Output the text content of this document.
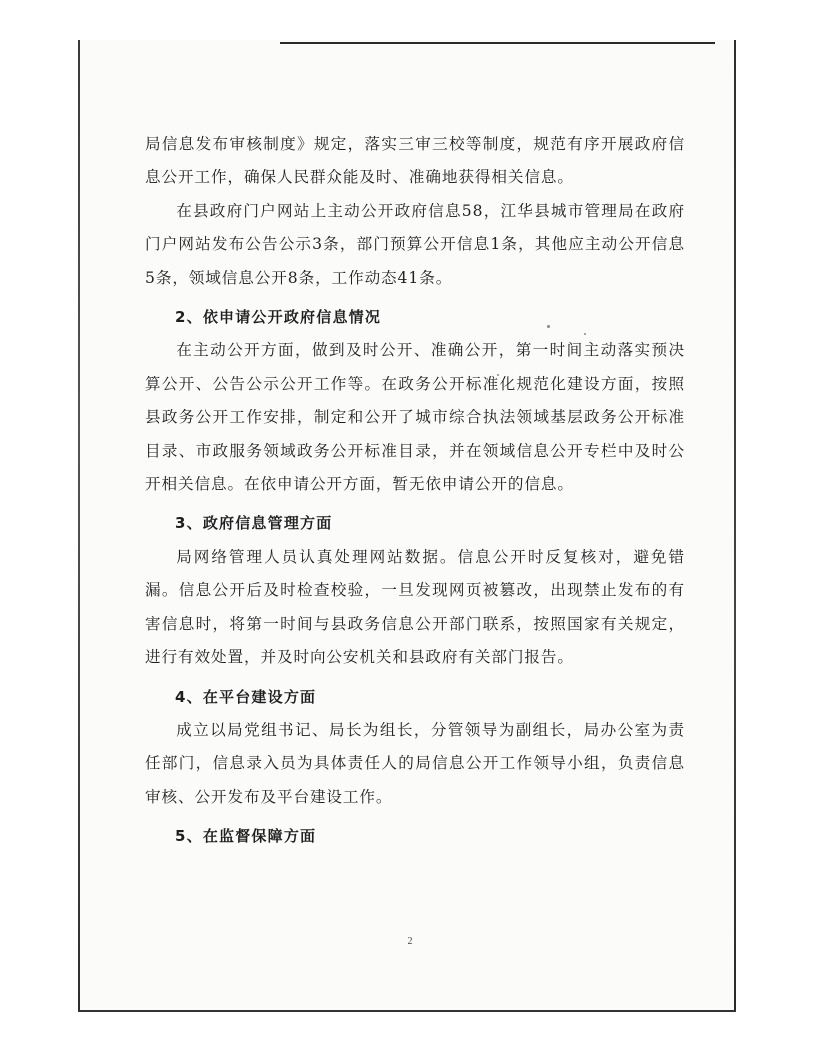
局信息发布审核制度》规定，落实三审三校等制度，规范有序开展政府信息公开工作，确保人民群众能及时、准确地获得相关信息。

在县政府门户网站上主动公开政府信息58，江华县城市管理局在政府门户网站发布公告公示3条，部门预算公开信息1条，其他应主动公开信息5条，领域信息公开8条，工作动态41条。

2、依申请公开政府信息情况

在主动公开方面，做到及时公开、准确公开，第一时间主动落实预决算公开、公告公示公开工作等。在政务公开标准化规范化建设方面，按照县政务公开工作安排，制定和公开了城市综合执法领域基层政务公开标准目录、市政服务领域政务公开标准目录，并在领域信息公开专栏中及时公开相关信息。在依申请公开方面，暂无依申请公开的信息。

3、政府信息管理方面

局网络管理人员认真处理网站数据。信息公开时反复核对，避免错漏。信息公开后及时检查校验，一旦发现网页被篡改，出现禁止发布的有害信息时，将第一时间与县政务信息公开部门联系，按照国家有关规定，进行有效处置，并及时向公安机关和县政府有关部门报告。

4、在平台建设方面

成立以局党组书记、局长为组长，分管领导为副组长，局办公室为责任部门，信息录入员为具体责任人的局信息公开工作领导小组，负责信息审核、公开发布及平台建设工作。

5、在监督保障方面

2
